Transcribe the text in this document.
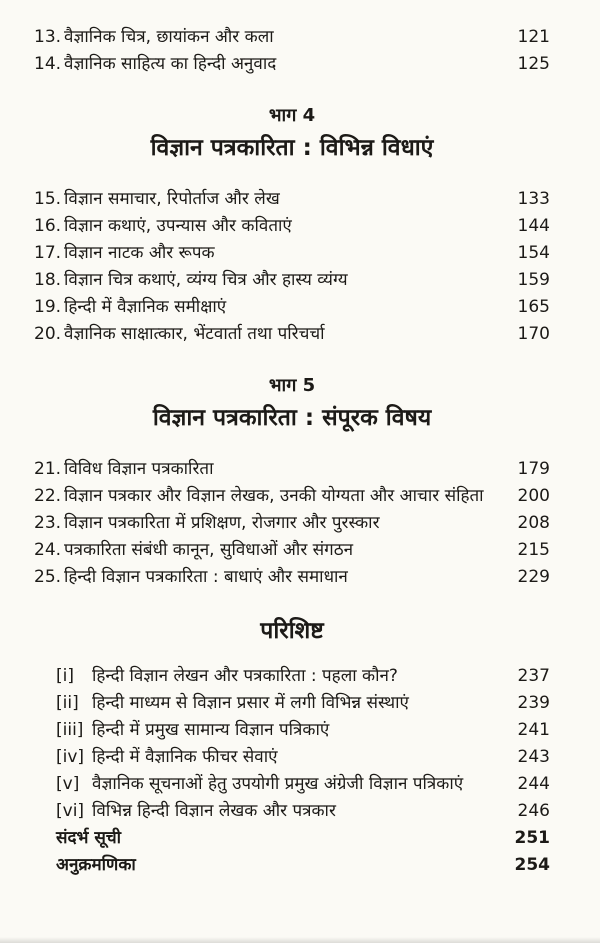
13. वैज्ञानिक चित्र, छायांकन और कला	121
14. वैज्ञानिक साहित्य का हिन्दी अनुवाद	125
भाग 4
विज्ञान पत्रकारिता : विभिन्न विधाएं
15. विज्ञान समाचार, रिपोर्ताज और लेख	133
16. विज्ञान कथाएं, उपन्यास और कविताएं	144
17. विज्ञान नाटक और रूपक	154
18. विज्ञान चित्र कथाएं, व्यंग्य चित्र और हास्य व्यंग्य	159
19. हिन्दी में वैज्ञानिक समीक्षाएं	165
20. वैज्ञानिक साक्षात्कार, भेंटवार्ता तथा परिचर्चा	170
भाग 5
विज्ञान पत्रकारिता : संपूरक विषय
21. विविध विज्ञान पत्रकारिता	179
22. विज्ञान पत्रकार और विज्ञान लेखक, उनकी योग्यता और आचार संहिता	200
23. विज्ञान पत्रकारिता में प्रशिक्षण, रोजगार और पुरस्कार	208
24. पत्रकारिता संबंधी कानून, सुविधाओं और संगठन	215
25. हिन्दी विज्ञान पत्रकारिता : बाधाएं और समाधान	229
परिशिष्ट
[i]	हिन्दी विज्ञान लेखन और पत्रकारिता : पहला कौन?	237
[ii] हिन्दी माध्यम से विज्ञान प्रसार में लगी विभिन्न संस्थाएं	239
[iii] हिन्दी में प्रमुख सामान्य विज्ञान पत्रिकाएं	241
[iv] हिन्दी में वैज्ञानिक फीचर सेवाएं	243
[v] वैज्ञानिक सूचनाओं हेतु उपयोगी प्रमुख अंग्रेजी विज्ञान पत्रिकाएं	244
[vi] विभिन्न हिन्दी विज्ञान लेखक और पत्रकार	246
संदर्भ सूची	251
अनुक्रमणिका	254
